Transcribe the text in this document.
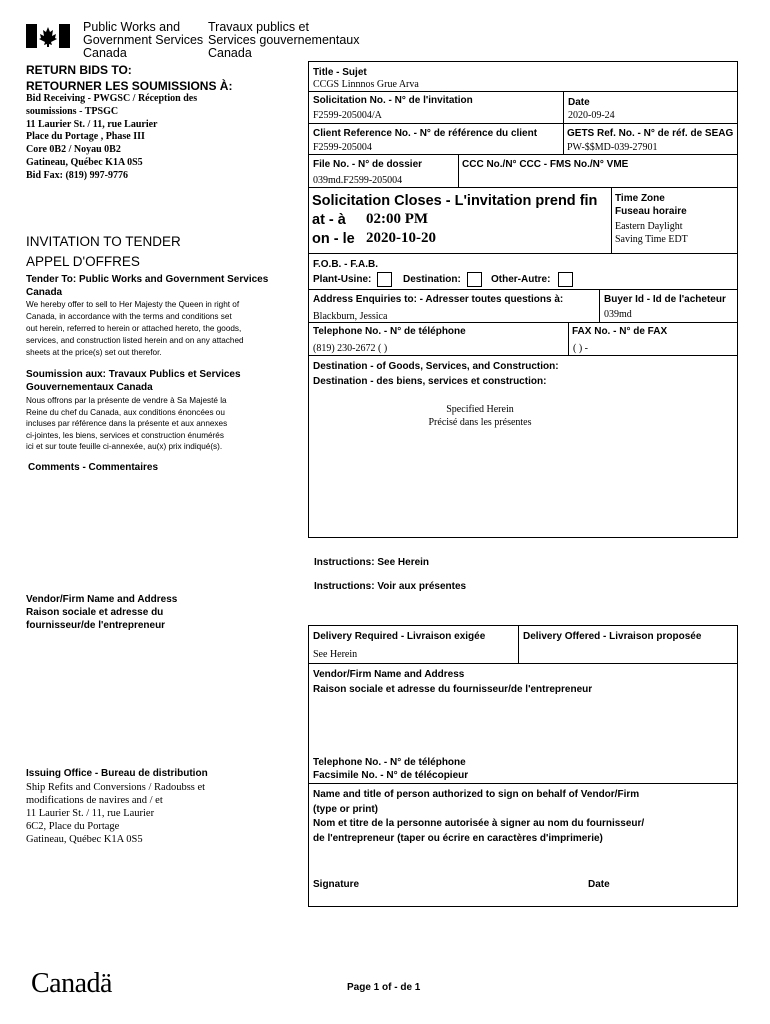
Public Works and
Government Services
Canada
Travaux publics et
Services gouvernementaux
Canada
RETURN BIDS TO:
RETOURNER LES SOUMISSIONS À:
Bid Receiving - PWGSC / Réception des
soumissions - TPSGC
11 Laurier St. / 11, rue Laurier
Place du Portage , Phase III
Core 0B2 / Noyau 0B2
Gatineau, Québec K1A 0S5
Bid Fax: (819) 997-9776
INVITATION TO TENDER
APPEL D'OFFRES
Tender To: Public Works and Government Services
Canada
We hereby offer to sell to Her Majesty the Queen in right of
Canada, in accordance with the terms and conditions set
out herein, referred to herein or attached hereto, the goods,
services, and construction listed herein and on any attached
sheets at the price(s) set out therefor.
Soumission aux: Travaux Publics et Services
Gouvernementaux Canada
Nous offrons par la présente de vendre à Sa Majesté la
Reine du chef du Canada, aux conditions énoncées ou
incluses par référence dans la présente et aux annexes
ci-jointes, les biens, services et construction énumérés
ici et sur toute feuille ci-annexée, au(x) prix indiqué(s).
Comments - Commentaires
Vendor/Firm Name and Address
Raison sociale et adresse du
fournisseur/de l'entrepreneur
Issuing Office - Bureau de distribution
Ship Refits and Conversions / Radoubss et
modifications de navires and / et
11 Laurier St. / 11, rue Laurier
6C2, Place du Portage
Gatineau, Québec K1A 0S5
Title - Sujet
CCGS Linnnos Grue Arva
Solicitation No. - N° de l'invitation
F2599-205004/A
Date
2020-09-24
Client Reference No. - N° de référence du client
F2599-205004
GETS Ref. No. - N° de réf. de SEAG
PW-$$MD-039-27901
File No. - N° de dossier
039md.F2599-205004
CCC No./N° CCC - FMS No./N° VME
Solicitation Closes - L'invitation prend fin
at - à 02:00 PM
on - le 2020-10-20
Time Zone
Fuseau horaire
Eastern Daylight
Saving Time EDT
F.O.B. - F.A.B.
Plant-Usine:	Destination:	Other-Autre:
Address Enquiries to: - Adresser toutes questions à:
Blackburn, Jessica
Buyer Id - Id de l'acheteur
039md
Telephone No. - N° de téléphone
(819) 230-2672 ( )
FAX No. - N° de FAX
( ) -
Destination - of Goods, Services, and Construction:
Destination - des biens, services et construction:
Specified Herein
Précisé dans les présentes
Instructions: See Herein
Instructions: Voir aux présentes
Delivery Required - Livraison exigée
See Herein
Delivery Offered - Livraison proposée
Vendor/Firm Name and Address
Raison sociale et adresse du fournisseur/de l'entrepreneur
Telephone No. - N° de téléphone
Facsimile No. - N° de télécopieur
Name and title of person authorized to sign on behalf of Vendor/Firm
(type or print)
Nom et titre de la personne autorisée à signer au nom du fournisseur/
de l'entrepreneur (taper ou écrire en caractères d'imprimerie)
Signature	Date
Canadä	Page 1 of - de 1
